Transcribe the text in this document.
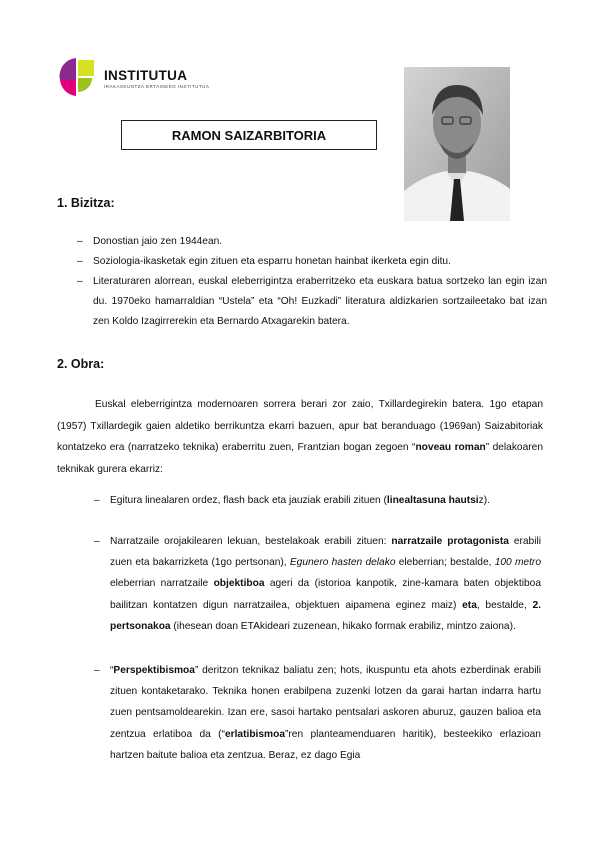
INSTITUTUA
IRAKASKUNTZA ERTAINEKO INSTITUTUA
RAMON SAIZARBITORIA
1. Bizitza:
– Donostian jaio zen 1944ean.
– Soziologia-ikasketak egin zituen eta esparru honetan hainbat ikerketa egin ditu.
– Literaturaren alorrean, euskal eleberrigintza eraberritzeko eta euskara batua sortzeko lan egin izan du. 1970eko hamarraldian “Ustela” eta “Oh! Euzkadi” literatura aldizkarien sortzaileetako bat izan zen Koldo Izagirrerekin eta Bernardo Atxagarekin batera.
2. Obra:

Euskal eleberrigintza modernoaren sorrera berari zor zaio, Txillardegirekin batera. 1go etapan (1957) Txillardegik gaien aldetiko berrikuntza ekarri bazuen, apur bat beranduago (1969an) Saizabitoriak kontatzeko era (narratzeko teknika) eraberritu zuen, Frantzian bogan zegoen “noveau roman” delakoaren teknikak gurera ekarriz:

– Egitura linealaren ordez, flash back eta jauziak erabili zituen (linealtasuna hautsiz).
– Narratzaile orojakilearen lekuan, bestelakoak erabili zituen: narratzaile protagonista erabili zuen eta bakarrizketa (1go pertsonan), Egunero hasten delako eleberrian; bestalde, 100 metro eleberrian narratzaile objektiboa ageri da (istorioa kanpotik, zine-kamara baten objektiboa bailitzan kontatzen digun narratzailea, objektuen aipamena eginez maiz) eta, bestalde, 2. pertsonakoa (ihesean doan ETAkideari zuzenean, hikako formak erabiliz, mintzo zaiona).
– “Perspektibismoa” deritzon teknikaz baliatu zen; hots, ikuspuntu eta ahots ezberdinak erabili zituen kontaketarako. Teknika honen erabilpena zuzenki lotzen da garai hartan indarra hartu zuen pentsamoldearekin. Izan ere, sasoi hartako pentsalari askoren aburuz, gauzen balioa eta zentzua erlatiboa da (“erlatibismoa”ren planteamenduaren haritik), besteekiko erlazioan hartzen baitute balioa eta zentzua. Beraz, ez dago Egia
